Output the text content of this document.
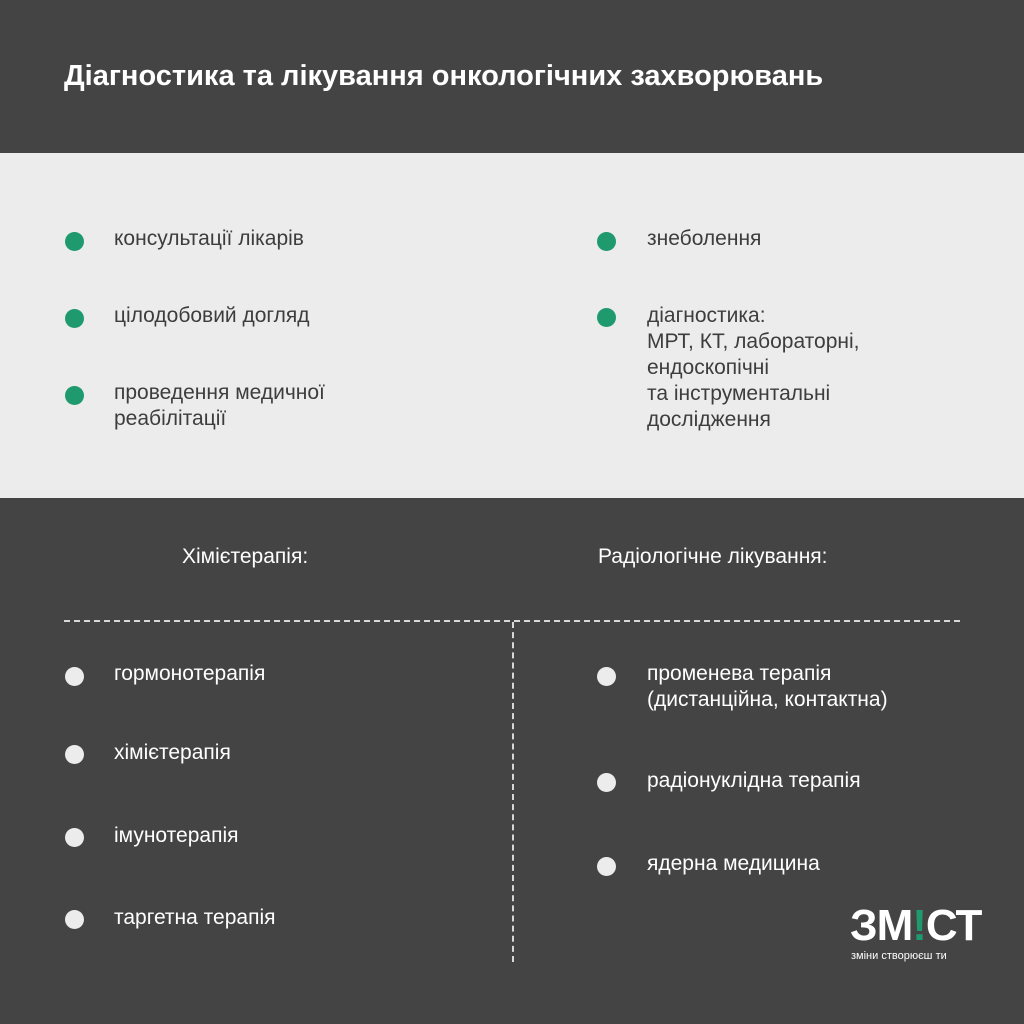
Діагностика та лікування онкологічних захворювань
консультації лікарів
цілодобовий догляд
проведення медичної
реабілітації
знеболення
діагностика:
МРТ, КТ, лабораторні,
ендоскопічні
та інструментальні
дослідження
Хімієтерапія:	Радіологічне лікування:
гормонотерапія
хімієтерапія
імунотерапія
таргетна терапія
променева терапія
(дистанційна, контактна)
радіонуклідна терапія
ядерна медицина
ЗМ!СТ
зміни створюєш ти
